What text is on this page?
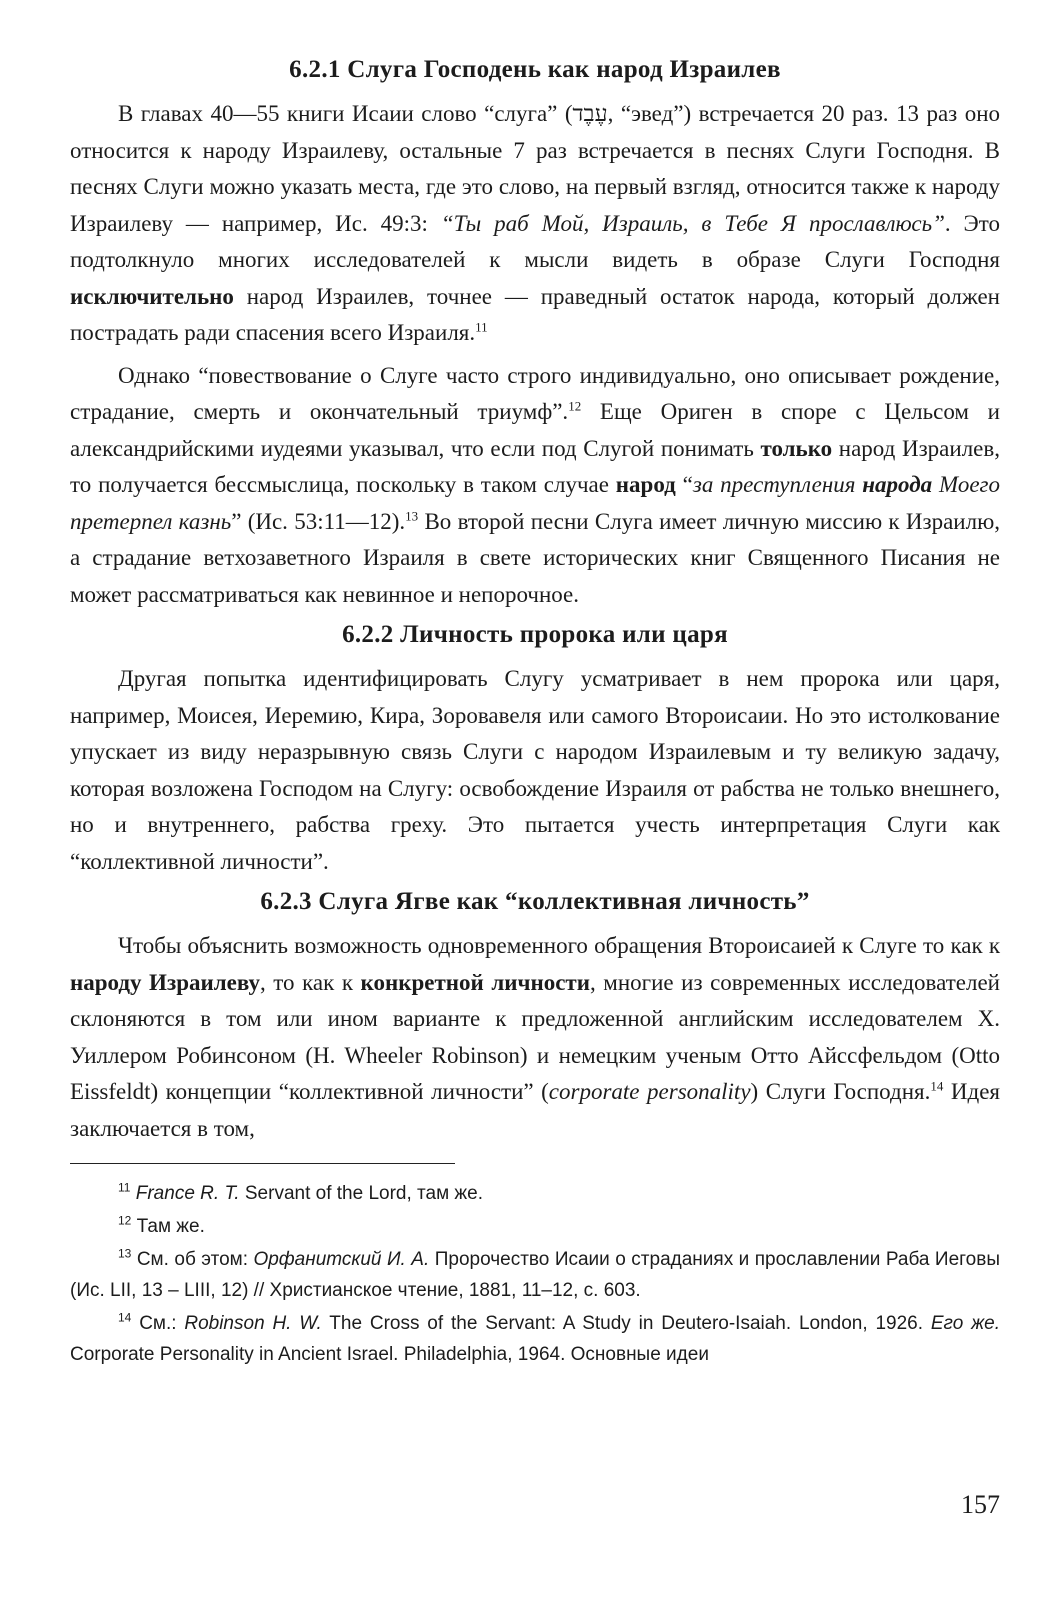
6.2.1 Слуга Господень как народ Израилев

В главах 40—55 книги Исаии слово “слуга” (עֶבֶד, “эвед”) встречается 20 раз. 13 раз оно относится к народу Израилеву, остальные 7 раз встречается в песнях Слуги Господня. В песнях Слуги можно указать места, где это слово, на первый взгляд, относится также к народу Израилеву — например, Ис. 49:3: “Ты раб Мой, Израиль, в Тебе Я прославлюсь”. Это подтолкнуло многих исследователей к мысли видеть в образе Слуги Господня исключительно народ Израилев, точнее — праведный остаток народа, который должен пострадать ради спасения всего Израиля.$^{11}$

Однако “повествование о Слуге часто строго индивидуально, оно описывает рождение, страдание, смерть и окончательный триумф”.$^{12}$ Еще Ориген в споре с Цельсом и александрийскими иудеями указывал, что если под Слугой понимать только народ Израилев, то получается бессмыслица, поскольку в таком случае народ “за преступления народа Моего претерпел казнь” (Ис. 53:11—12).$^{13}$ Во второй песни Слуга имеет личную миссию к Израилю, а страдание ветхозаветного Израиля в свете исторических книг Священного Писания не может рассматриваться как невинное и непорочное.

6.2.2 Личность пророка или царя

Другая попытка идентифицировать Слугу усматривает в нем пророка или царя, например, Моисея, Иеремию, Кира, Зоровавеля или самого Второисаии. Но это истолкование упускает из виду неразрывную связь Слуги с народом Израилевым и ту великую задачу, которая возложена Господом на Слугу: освобождение Израиля от рабства не только внешнего, но и внутреннего, рабства греху. Это пытается учесть интерпретация Слуги как “коллективной личности”.

6.2.3 Слуга Ягве как “коллективная личность”

Чтобы объяснить возможность одновременного обращения Второисаией к Слуге то как к народу Израилеву, то как к конкретной личности, многие из современных исследователей склоняются в том или ином варианте к предложенной английским исследователем Х. Уиллером Робинсоном (H. Wheeler Robinson) и немецким ученым Отто Айссфельдом (Otto Eissfeldt) концепции “коллективной личности” (corporate personality) Слуги Господня.$^{14}$ Идея заключается в том,

$^{11}$ France R. T. Servant of the Lord, там же.

$^{12}$ Там же.

$^{13}$ См. об этом: Орфанитский И. А. Пророчество Исаии о страданиях и прославлении Раба Иеговы (Ис. LII, 13 – LIII, 12) // Христианское чтение, 1881, 11–12, с. 603.

$^{14}$ См.: Robinson H. W. The Cross of the Servant: A Study in Deutero-Isaiah. London, 1926. Его же. Corporate Personality in Ancient Israel. Philadelphia, 1964. Основные идеи

157
